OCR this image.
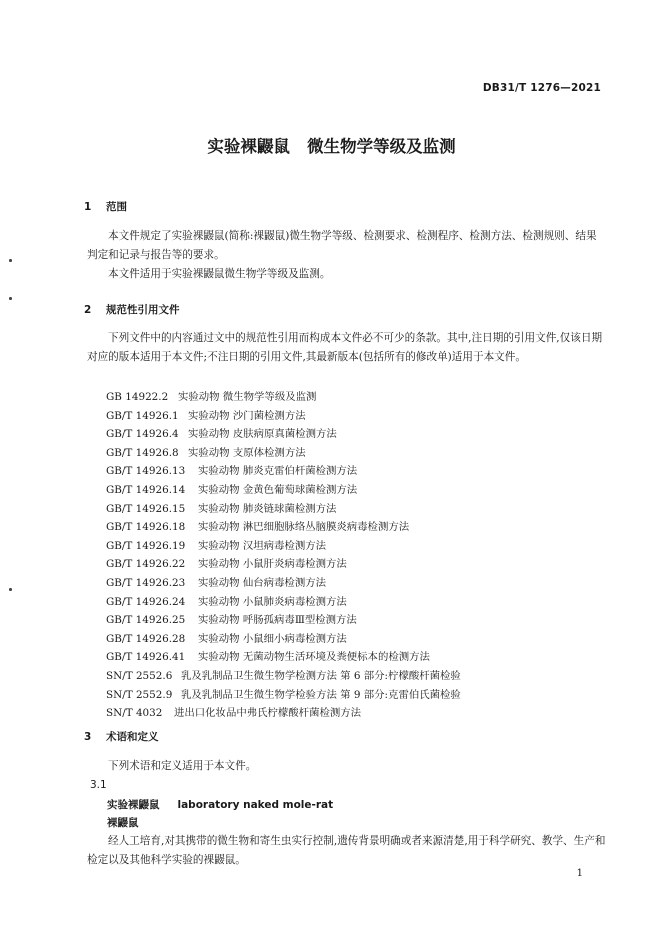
DB31/T 1276—2021
实验裸鼹鼠   微生物学等级及监测
1 范围

本文件规定了实验裸鼹鼠(简称:裸鼹鼠)微生物学等级、检测要求、检测程序、检测方法、检测规则、结果判定和记录与报告等的要求。

本文件适用于实验裸鼹鼠微生物学等级及监测。

2 规范性引用文件

下列文件中的内容通过文中的规范性引用而构成本文件必不可少的条款。其中,注日期的引用文件,仅该日期对应的版本适用于本文件;不注日期的引用文件,其最新版本(包括所有的修改单)适用于本文件。

GB 14922.2 实验动物 微生物学等级及监测
GB/T 14926.1 实验动物 沙门菌检测方法
GB/T 14926.4 实验动物 皮肤病原真菌检测方法
GB/T 14926.8 实验动物 支原体检测方法
GB/T 14926.13 实验动物 肺炎克雷伯杆菌检测方法
GB/T 14926.14 实验动物 金黄色葡萄球菌检测方法
GB/T 14926.15 实验动物 肺炎链球菌检测方法
GB/T 14926.18 实验动物 淋巴细胞脉络丛脑膜炎病毒检测方法
GB/T 14926.19 实验动物 汉坦病毒检测方法
GB/T 14926.22 实验动物 小鼠肝炎病毒检测方法
GB/T 14926.23 实验动物 仙台病毒检测方法
GB/T 14926.24 实验动物 小鼠肺炎病毒检测方法
GB/T 14926.25 实验动物 呼肠孤病毒Ⅲ型检测方法
GB/T 14926.28 实验动物 小鼠细小病毒检测方法
GB/T 14926.41 实验动物 无菌动物生活环境及粪便标本的检测方法
SN/T 2552.6 乳及乳制品卫生微生物学检测方法 第 6 部分:柠檬酸杆菌检验
SN/T 2552.9 乳及乳制品卫生微生物学检验方法 第 9 部分:克雷伯氏菌检验
SN/T 4032 进出口化妆品中弗氏柠檬酸杆菌检测方法
3 术语和定义

下列术语和定义适用于本文件。

3.1
实验裸鼹鼠 laboratory naked mole-rat
裸鼹鼠

经人工培育,对其携带的微生物和寄生虫实行控制,遗传背景明确或者来源清楚,用于科学研究、教学、生产和检定以及其他科学实验的裸鼹鼠。

1
